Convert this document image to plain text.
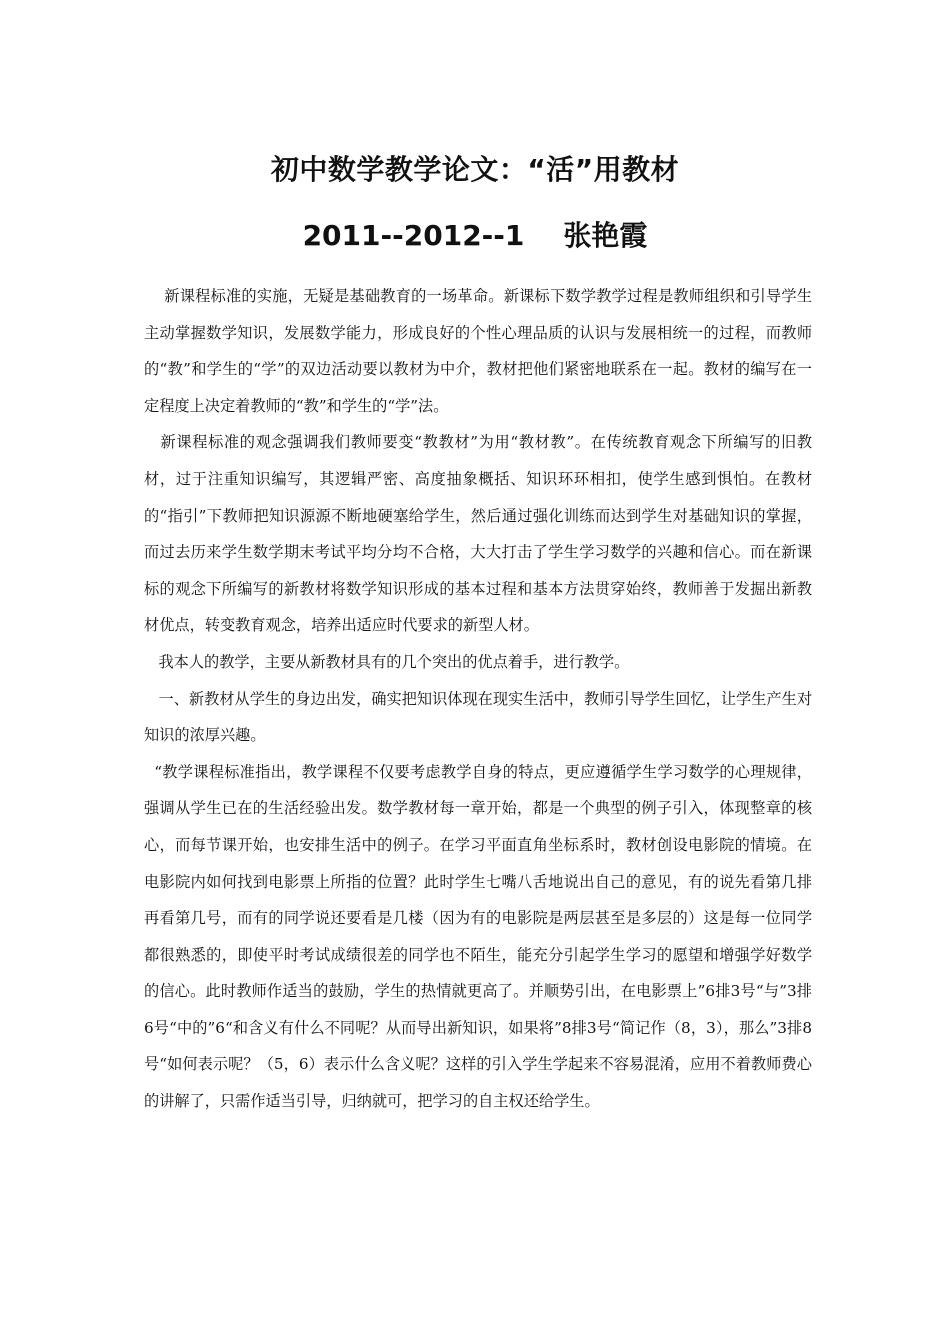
初中数学教学论文：“活”用教材
2011--2012--1    张艳霞

新课程标准的实施，无疑是基础教育的一场革命。新课标下数学教学过程是教师组织和引导学生主动掌握数学知识，发展数学能力，形成良好的个性心理品质的认识与发展相统一的过程，而教师的“教”和学生的“学”的双边活动要以教材为中介，教材把他们紧密地联系在一起。教材的编写在一定程度上决定着教师的“教”和学生的“学”法。

新课程标准的观念强调我们教师要变“教教材”为用“教材教”。在传统教育观念下所编写的旧教材，过于注重知识编写，其逻辑严密、高度抽象概括、知识环环相扣，使学生感到惧怕。在教材的“指引”下教师把知识源源不断地硬塞给学生，然后通过强化训练而达到学生对基础知识的掌握，而过去历来学生数学期末考试平均分均不合格，大大打击了学生学习数学的兴趣和信心。而在新课标的观念下所编写的新教材将数学知识形成的基本过程和基本方法贯穿始终，教师善于发掘出新教材优点，转变教育观念，培养出适应时代要求的新型人材。

我本人的教学，主要从新教材具有的几个突出的优点着手，进行教学。

一、新教材从学生的身边出发，确实把知识体现在现实生活中，教师引导学生回忆，让学生产生对知识的浓厚兴趣。

“教学课程标准指出，教学课程不仅要考虑教学自身的特点，更应遵循学生学习数学的心理规律，强调从学生已在的生活经验出发。数学教材每一章开始，都是一个典型的例子引入，体现整章的核心，而每节课开始，也安排生活中的例子。在学习平面直角坐标系时，教材创设电影院的情境。在电影院内如何找到电影票上所指的位置？此时学生七嘴八舌地说出自己的意见，有的说先看第几排再看第几号，而有的同学说还要看是几楼（因为有的电影院是两层甚至是多层的）这是每一位同学都很熟悉的，即使平时考试成绩很差的同学也不陌生，能充分引起学生学习的愿望和增强学好数学的信心。此时教师作适当的鼓励，学生的热情就更高了。并顺势引出，在电影票上”6排3号“与”3排6号“中的”6“和含义有什么不同呢？从而导出新知识，如果将”8排3号“简记作（8，3），那么”3排8号“如何表示呢？（5，6）表示什么含义呢？这样的引入学生学起来不容易混淆，应用不着教师费心的讲解了，只需作适当引导，归纳就可，把学习的自主权还给学生。
